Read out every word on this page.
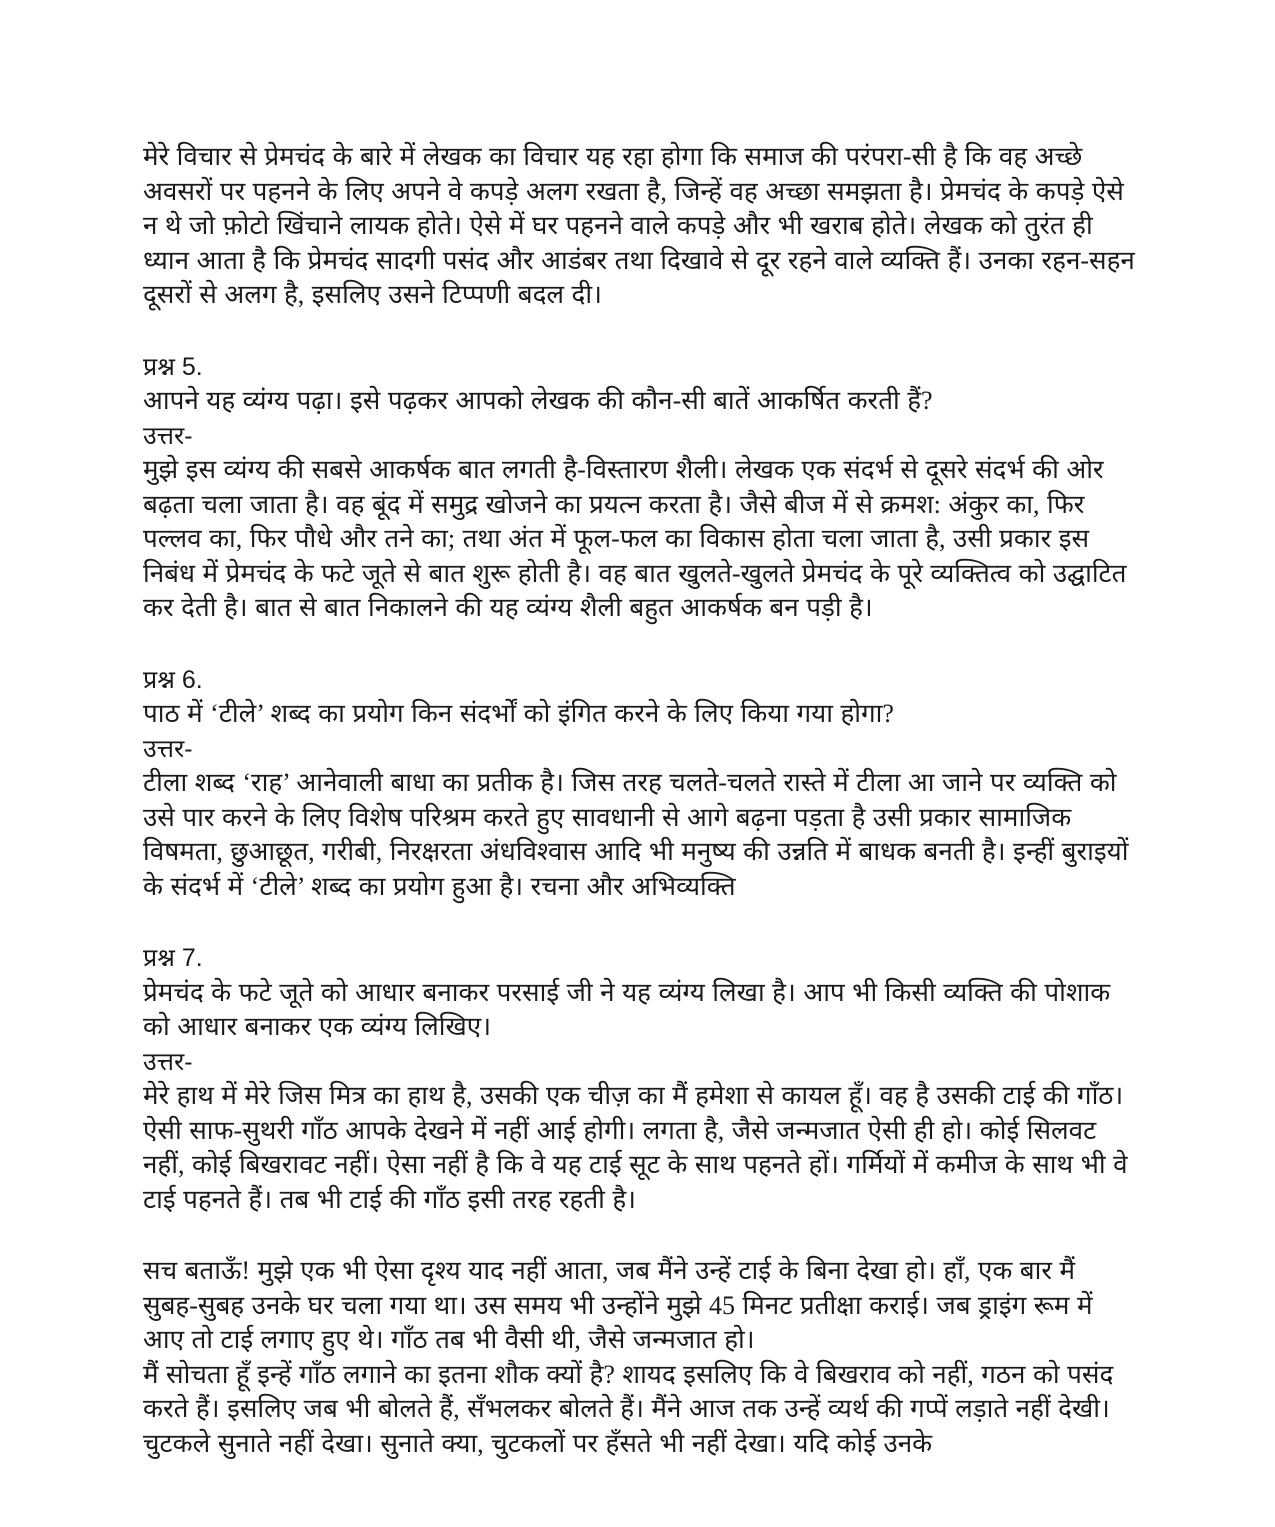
मेरे विचार से प्रेमचंद के बारे में लेखक का विचार यह रहा होगा कि समाज की परंपरा-सी है कि वह अच्छे अवसरों पर पहनने के लिए अपने वे कपड़े अलग रखता है, जिन्हें वह अच्छा समझता है। प्रेमचंद के कपड़े ऐसे न थे जो फ़ोटो खिंचाने लायक होते। ऐसे में घर पहनने वाले कपड़े और भी खराब होते। लेखक को तुरंत ही ध्यान आता है कि प्रेमचंद सादगी पसंद और आडंबर तथा दिखावे से दूर रहने वाले व्यक्ति हैं। उनका रहन-सहन दूसरों से अलग है, इसलिए उसने टिप्पणी बदल दी।

प्रश्न 5.

आपने यह व्यंग्य पढ़ा। इसे पढ़कर आपको लेखक की कौन-सी बातें आकर्षित करती हैं?

उत्तर-

मुझे इस व्यंग्य की सबसे आकर्षक बात लगती है-विस्तारण शैली। लेखक एक संदर्भ से दूसरे संदर्भ की ओर बढ़ता चला जाता है। वह बूंद में समुद्र खोजने का प्रयत्न करता है। जैसे बीज में से क्रमश: अंकुर का, फिर पल्लव का, फिर पौधे और तने का; तथा अंत में फूल-फल का विकास होता चला जाता है, उसी प्रकार इस निबंध में प्रेमचंद के फटे जूते से बात शुरू होती है। वह बात खुलते-खुलते प्रेमचंद के पूरे व्यक्तित्व को उद्घाटित कर देती है। बात से बात निकालने की यह व्यंग्य शैली बहुत आकर्षक बन पड़ी है।

प्रश्न 6.

पाठ में ‘टीले’ शब्द का प्रयोग किन संदर्भों को इंगित करने के लिए किया गया होगा?

उत्तर-

टीला शब्द ‘राह’ आनेवाली बाधा का प्रतीक है। जिस तरह चलते-चलते रास्ते में टीला आ जाने पर व्यक्ति को उसे पार करने के लिए विशेष परिश्रम करते हुए सावधानी से आगे बढ़ना पड़ता है उसी प्रकार सामाजिक विषमता, छुआछूत, गरीबी, निरक्षरता अंधविश्वास आदि भी मनुष्य की उन्नति में बाधक बनती है। इन्हीं बुराइयों के संदर्भ में ‘टीले’ शब्द का प्रयोग हुआ है। रचना और अभिव्यक्ति

प्रश्न 7.

प्रेमचंद के फटे जूते को आधार बनाकर परसाई जी ने यह व्यंग्य लिखा है। आप भी किसी व्यक्ति की पोशाक को आधार बनाकर एक व्यंग्य लिखिए।

उत्तर-

मेरे हाथ में मेरे जिस मित्र का हाथ है, उसकी एक चीज़ का मैं हमेशा से कायल हूँ। वह है उसकी टाई की गाँठ। ऐसी साफ-सुथरी गाँठ आपके देखने में नहीं आई होगी। लगता है, जैसे जन्मजात ऐसी ही हो। कोई सिलवट नहीं, कोई बिखरावट नहीं। ऐसा नहीं है कि वे यह टाई सूट के साथ पहनते हों। गर्मियों में कमीज के साथ भी वे टाई पहनते हैं। तब भी टाई की गाँठ इसी तरह रहती है।

सच बताऊँ! मुझे एक भी ऐसा दृश्य याद नहीं आता, जब मैंने उन्हें टाई के बिना देखा हो। हाँ, एक बार मैं सुबह-सुबह उनके घर चला गया था। उस समय भी उन्होंने मुझे 45 मिनट प्रतीक्षा कराई। जब ड्राइंग रूम में आए तो टाई लगाए हुए थे। गाँठ तब भी वैसी थी, जैसे जन्मजात हो।

मैं सोचता हूँ इन्हें गाँठ लगाने का इतना शौक क्यों है? शायद इसलिए कि वे बिखराव को नहीं, गठन को पसंद करते हैं। इसलिए जब भी बोलते हैं, सँभलकर बोलते हैं। मैंने आज तक उन्हें व्यर्थ की गप्पें लड़ाते नहीं देखी। चुटकले सुनाते नहीं देखा। सुनाते क्या, चुटकलों पर हँसते भी नहीं देखा। यदि कोई उनके
